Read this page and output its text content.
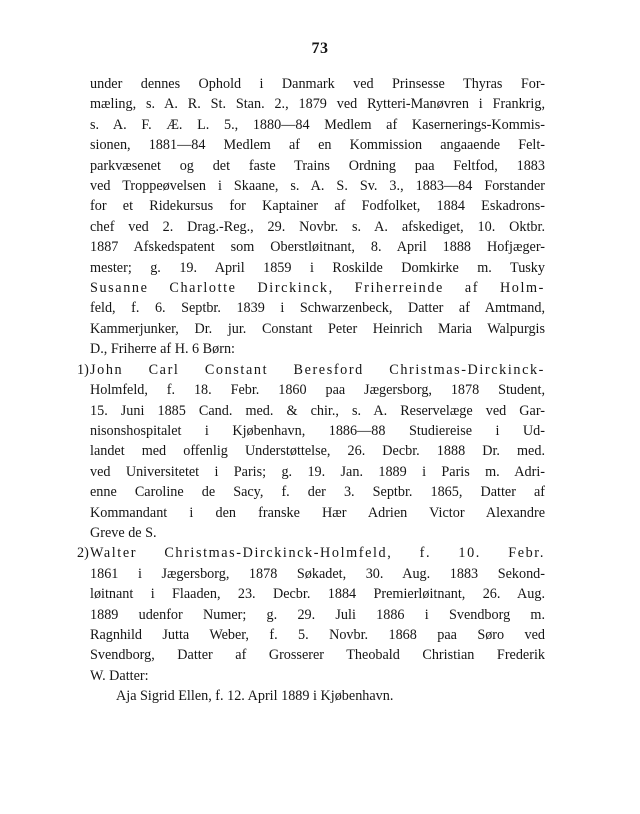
73
under dennes Ophold i Danmark ved Prinsesse Thyras For-
mæling, s. A. R. St. Stan. 2., 1879 ved Rytteri-Manøvren i Frankrig,
s. A. F. Æ. L. 5., 1880—84 Medlem af Kasernerings-Kommis-
sionen, 1881—84 Medlem af en Kommission angaaende Felt-
parkvæsenet og det faste Trains Ordning paa Feltfod, 1883
ved Troppeøvelsen i Skaane, s. A. S. Sv. 3., 1883—84 Forstander
for et Ridekursus for Kaptainer af Fodfolket, 1884 Eskadrons-
chef ved 2. Drag.-Reg., 29. Novbr. s. A. afskediget, 10. Oktbr.
1887 Afskedspatent som Oberstløitnant, 8. April 1888 Hofjæger-
mester; g. 19. April 1859 i Roskilde Domkirke m. Tusky
Susanne Charlotte Dirckinck, Friherreinde af Holm-
feld, f. 6. Septbr. 1839 i Schwarzenbeck, Datter af Amtmand,
Kammerjunker, Dr. jur. Constant Peter Heinrich Maria Walpurgis
D., Friherre af H. 6 Børn:
1) John Carl Constant Beresford Christmas-Dirckinck-
Holmfeld, f. 18. Febr. 1860 paa Jægersborg, 1878 Student,
15. Juni 1885 Cand. med. & chir., s. A. Reservelæge ved Gar-
nisonshospitalet i Kjøbenhavn, 1886—88 Studiereise i Ud-
landet med offenlig Understøttelse, 26. Decbr. 1888 Dr. med.
ved Universitetet i Paris; g. 19. Jan. 1889 i Paris m. Adri-
enne Caroline de Sacy, f. der 3. Septbr. 1865, Datter af
Kommandant i den franske Hær Adrien Victor Alexandre
Greve de S.
2) Walter Christmas-Dirckinck-Holmfeld, f. 10. Febr.
1861 i Jægersborg, 1878 Søkadet, 30. Aug. 1883 Sekond-
løitnant i Flaaden, 23. Decbr. 1884 Premierløitnant, 26. Aug.
1889 udenfor Numer; g. 29. Juli 1886 i Svendborg m.
Ragnhild Jutta Weber, f. 5. Novbr. 1868 paa Søro ved
Svendborg, Datter af Grosserer Theobald Christian Frederik
W. Datter:
Aja Sigrid Ellen, f. 12. April 1889 i Kjøbenhavn.
